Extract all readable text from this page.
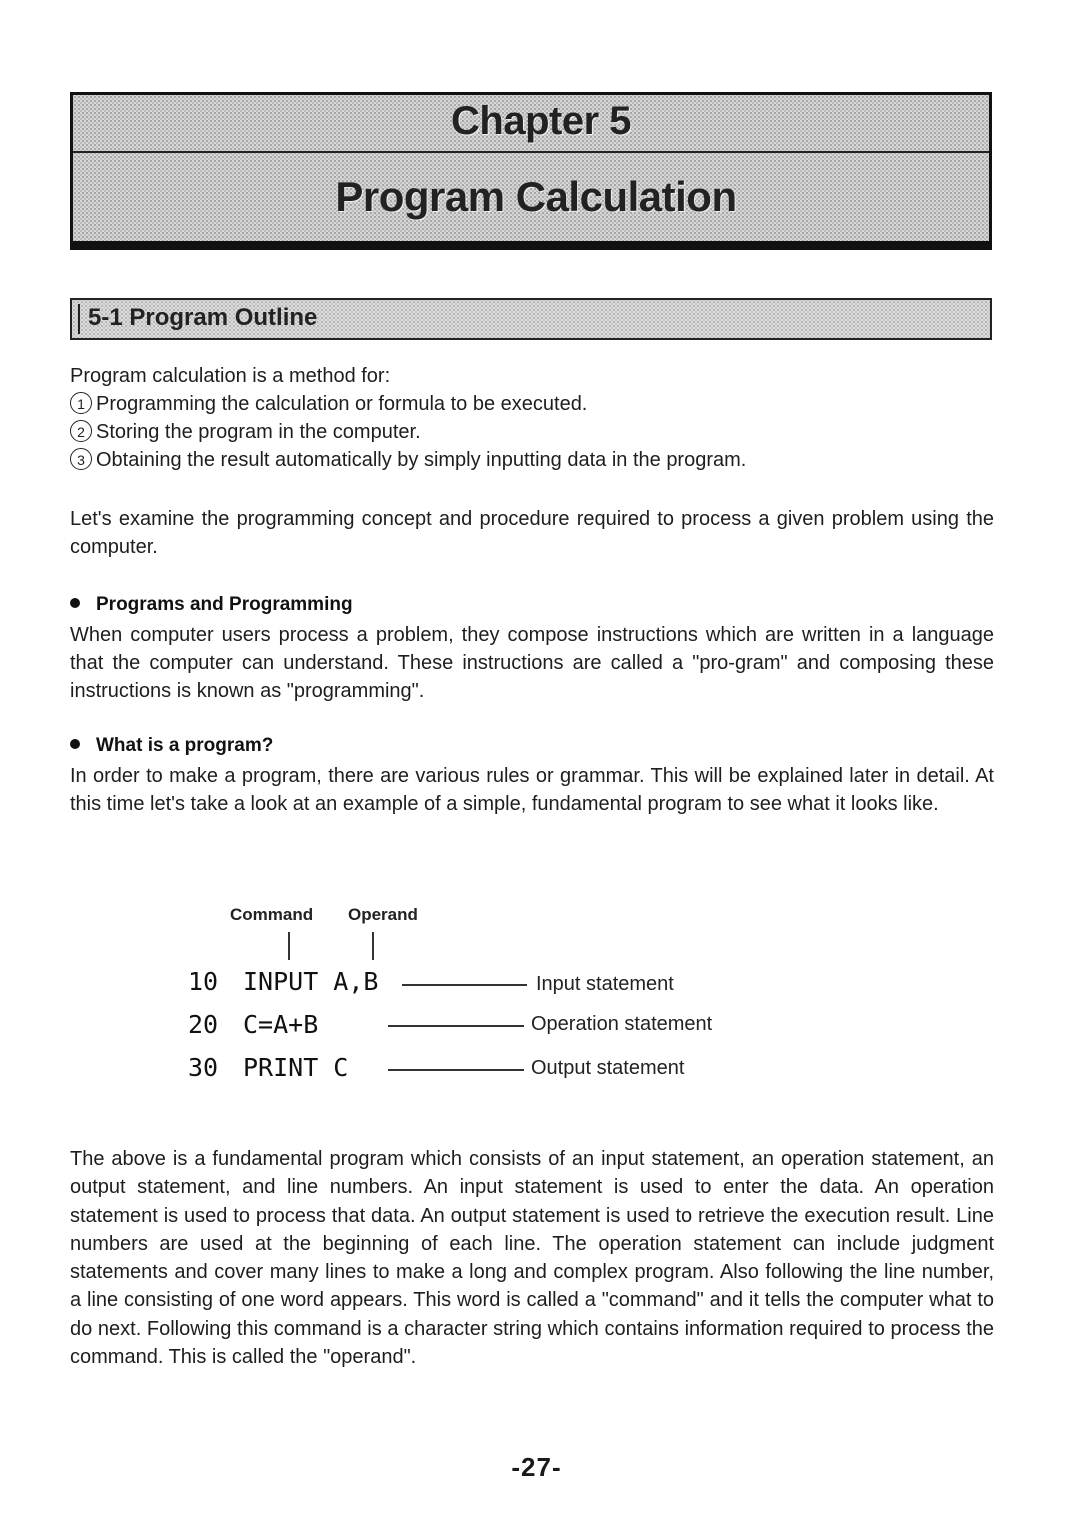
Chapter 5
Program Calculation
5-1 Program Outline
Program calculation is a method for:
1 Programming the calculation or formula to be executed.
2 Storing the program in the computer.
3 Obtaining the result automatically by simply inputting data in the program.
Let's examine the programming concept and procedure required to process a given problem using the computer.
Programs and Programming
When computer users process a problem, they compose instructions which are written in a language that the computer can understand. These instructions are called a "pro-gram" and composing these instructions is known as "programming".
What is a program?
In order to make a program, there are various rules or grammar. This will be explained later in detail. At this time let's take a look at an example of a simple, fundamental program to see what it looks like.
Command Operand
10 INPUT A,B	Input statement
20 C=A+B	Operation statement
30 PRINT C	Output statement
The above is a fundamental program which consists of an input statement, an operation statement, an output statement, and line numbers. An input statement is used to enter the data. An operation statement is used to process that data. An output statement is used to retrieve the execution result. Line numbers are used at the beginning of each line. The operation statement can include judgment statements and cover many lines to make a long and complex program. Also following the line number, a line consisting of one word appears. This word is called a "command" and it tells the computer what to do next. Following this command is a character string which contains information required to process the command. This is called the "operand".
-27-
